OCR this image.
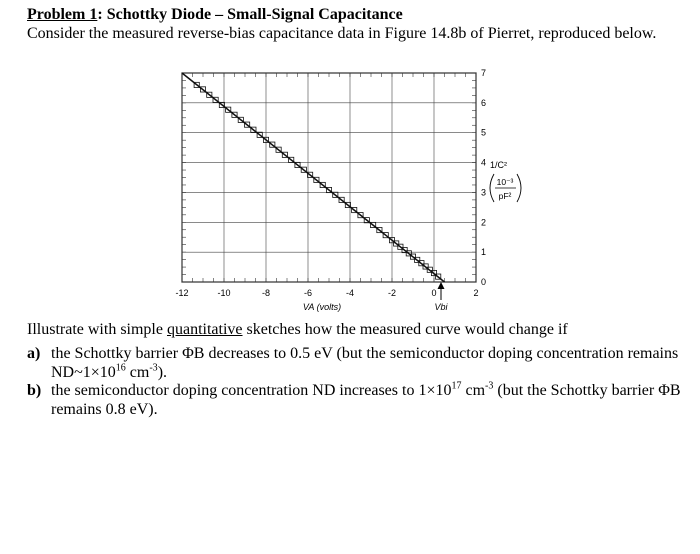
Problem 1: Schottky Diode – Small-Signal Capacitance
Consider the measured reverse-bias capacitance data in Figure 14.8b of Pierret, reproduced below.
-12	-10	-8	-6	-4	-2	0	2
0
1
2
3
4
5
6
7
VA (volts)	Vbi
1/C²
10⁻³
pF²
Illustrate with simple quantitative sketches how the measured curve would change if
a) the Schottky barrier ΦB decreases to 0.5 eV (but the semiconductor doping concentration remains
$ND\sim 1\times 10^{16}$ $cm^{-3}$).
b) the semiconductor doping concentration ND increases to $1\times 10^{17}$ $cm^{-3}$ (but the Schottky barrier ΦB
remains 0.8 eV).
